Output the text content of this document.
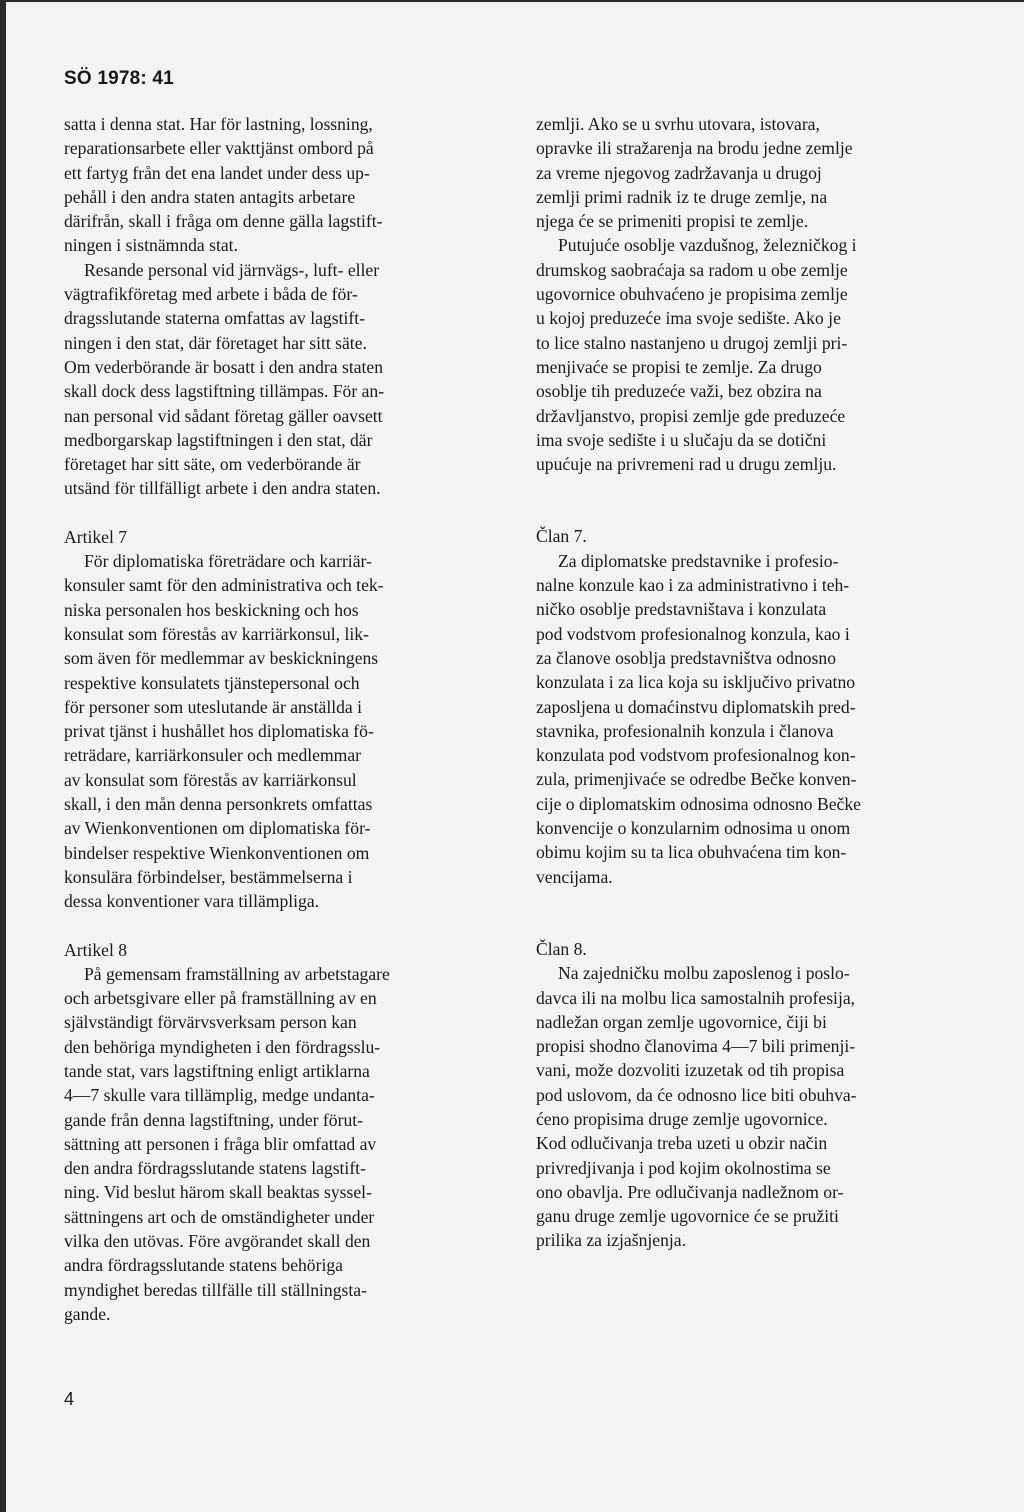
SÖ 1978: 41
satta i denna stat. Har för lastning, lossning,
reparationsarbete eller vakttjänst ombord på
ett fartyg från det ena landet under dess up-
pehåll i den andra staten antagits arbetare
därifrån, skall i fråga om denne gälla lagstift-
ningen i sistnämnda stat.
Resande personal vid järnvägs-, luft- eller
vägtrafikföretag med arbete i båda de för-
dragsslutande staterna omfattas av lagstift-
ningen i den stat, där företaget har sitt säte.
Om vederbörande är bosatt i den andra staten
skall dock dess lagstiftning tillämpas. För an-
nan personal vid sådant företag gäller oavsett
medborgarskap lagstiftningen i den stat, där
företaget har sitt säte, om vederbörande är
utsänd för tillfälligt arbete i den andra staten.
Artikel 7
För diplomatiska företrädare och karriär-
konsuler samt för den administrativa och tek-
niska personalen hos beskickning och hos
konsulat som förestås av karriärkonsul, lik-
som även för medlemmar av beskickningens
respektive konsulatets tjänstepersonal och
för personer som uteslutande är anställda i
privat tjänst i hushållet hos diplomatiska fö-
reträdare, karriärkonsuler och medlemmar
av konsulat som förestås av karriärkonsul
skall, i den mån denna personkrets omfattas
av Wienkonventionen om diplomatiska för-
bindelser respektive Wienkonventionen om
konsulära förbindelser, bestämmelserna i
dessa konventioner vara tillämpliga.
Artikel 8
På gemensam framställning av arbetstagare
och arbetsgivare eller på framställning av en
självständigt förvärvsverksam person kan
den behöriga myndigheten i den fördragsslu-
tande stat, vars lagstiftning enligt artiklarna
4—7 skulle vara tillämplig, medge undanta-
gande från denna lagstiftning, under förut-
sättning att personen i fråga blir omfattad av
den andra fördragsslutande statens lagstift-
ning. Vid beslut härom skall beaktas syssel-
sättningens art och de omständigheter under
vilka den utövas. Före avgörandet skall den
andra fördragsslutande statens behöriga
myndighet beredas tillfälle till ställningsta-
gande.
zemlji. Ako se u svrhu utovara, istovara,
opravke ili stražarenja na brodu jedne zemlje
za vreme njegovog zadržavanja u drugoj
zemlji primi radnik iz te druge zemlje, na
njega će se primeniti propisi te zemlje.
Putujuće osoblje vazdušnog, železničkog i
drumskog saobraćaja sa radom u obe zemlje
ugovornice obuhvaćeno je propisima zemlje
u kojoj preduzeće ima svoje sedište. Ako je
to lice stalno nastanjeno u drugoj zemlji pri-
menjivaće se propisi te zemlje. Za drugo
osoblje tih preduzeće važi, bez obzira na
državljanstvo, propisi zemlje gde preduzeće
ima svoje sedište i u slučaju da se dotični
upućuje na privremeni rad u drugu zemlju.
Član 7.
Za diplomatske predstavnike i profesio-
nalne konzule kao i za administrativno i teh-
ničko osoblje predstavništava i konzulata
pod vodstvom profesionalnog konzula, kao i
za članove osoblja predstavništva odnosno
konzulata i za lica koja su isključivo privatno
zaposljena u domaćinstvu diplomatskih pred-
stavnika, profesionalnih konzula i članova
konzulata pod vodstvom profesionalnog kon-
zula, primenjivaće se odredbe Bečke konven-
cije o diplomatskim odnosima odnosno Bečke
konvencije o konzularnim odnosima u onom
obimu kojim su ta lica obuhvaćena tim kon-
vencijama.
Član 8.
Na zajedničku molbu zaposlenog i poslo-
davca ili na molbu lica samostalnih profesija,
nadležan organ zemlje ugovornice, čiji bi
propisi shodno članovima 4—7 bili primenji-
vani, može dozvoliti izuzetak od tih propisa
pod uslovom, da će odnosno lice biti obuhva-
ćeno propisima druge zemlje ugovornice.
Kod odlučivanja treba uzeti u obzir način
privredjivanja i pod kojim okolnostima se
ono obavlja. Pre odlučivanja nadležnom or-
ganu druge zemlje ugovornice će se pružiti
prilika za izjašnjenja.
4
